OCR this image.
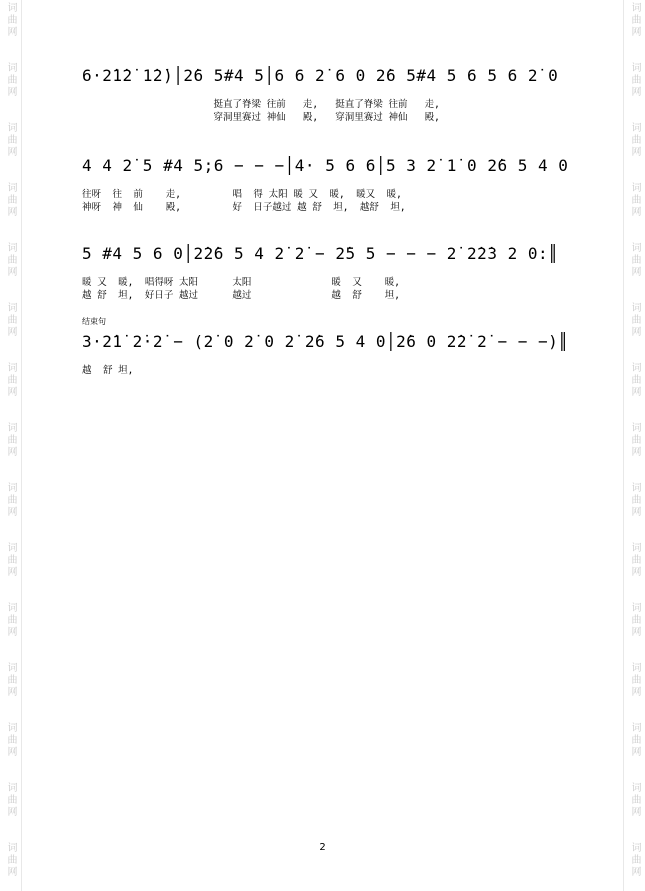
词曲网
词曲网
词曲网
词曲网
词曲网
词曲网
词曲网
词曲网
词曲网
词曲网
词曲网
词曲网
词曲网
词曲网
词曲网
词曲网
词曲网
词曲网
词曲网
词曲网
词曲网
词曲网
词曲网
词曲网
词曲网
词曲网
词曲网
词曲网
词曲网
词曲网
6·2̇1̇2̇ 1̇2̇)│2̇6 5#4 5│6 6 2̇ 6 0 2̇6 5#4 5 6 5 6 2̇ 0
挺直了脊梁 往前   走,   挺直了脊梁 往前   走,
穿洞里赛过 神仙   殿,   穿洞里赛过 神仙   殿,
4 4 2̇ 5 #4 5;6 − − −│4· 5 6 6│5 3 2̇ 1̇ 0 2̇6 5 4 0
往呀  往  前    走,         唱  得 太阳 暖 又  暖,  暖又  暖,
神呀  神  仙    殿,         好  日子越过 越 舒  坦,  越舒  坦,
5 #4 5 6 0│2̇2̇6 5 4 2̇ 2̇ − 2̇5 5 − − − 2̇ 2̇2̇3 2 0:║
暖 又  暖,  唱得呀 太阳      太阳              暖  又    暖,
越 舒  坦,  好日子 越过      越过              越  舒    坦,
结束句
3·2̇1̇ 2̇·2̇ − (2̇ 0 2̇ 0 2̇ 2̇6 5 4 0│2̇6 0 2̇2̇ 2̇ − − −)║
越  舒 坦,
2
